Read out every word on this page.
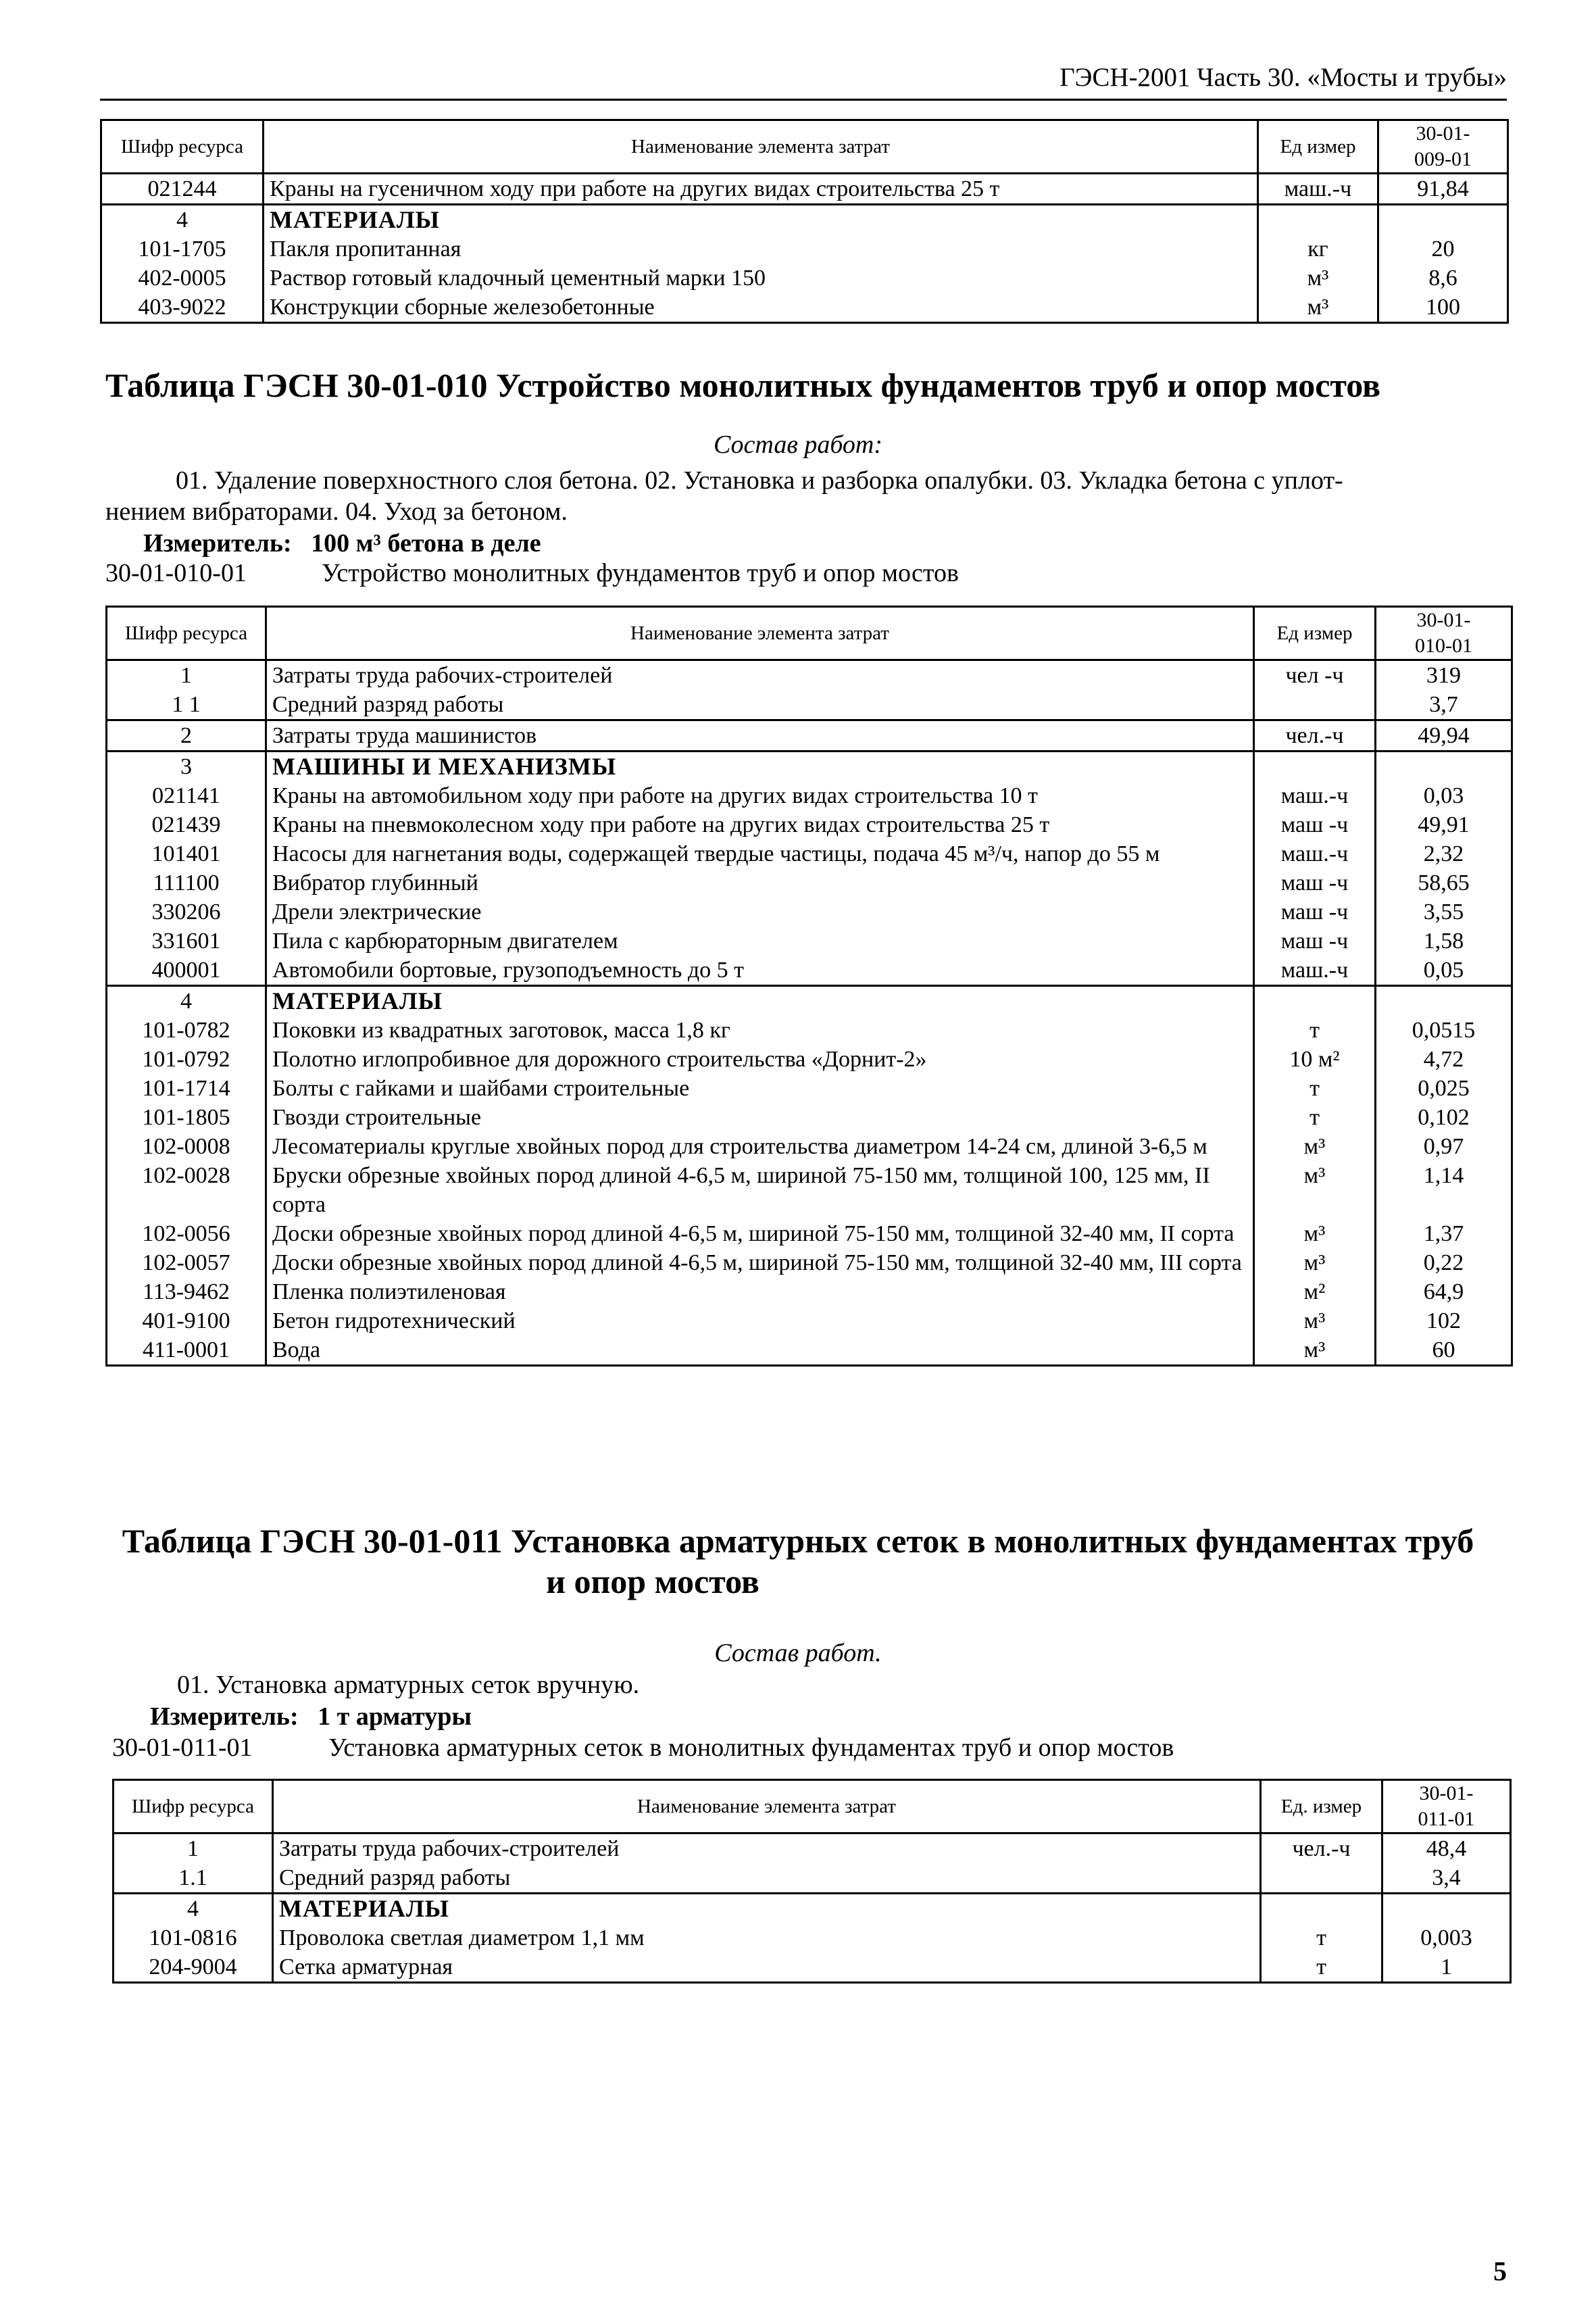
ГЭСН-2001 Часть 30. «Мосты и трубы»
Шифр ресурса	Наименование элемента затрат	Ед измер	30-01-
009-01
021244	Краны на гусеничном ходу при работе на других видах строительства 25 т	маш.-ч	91,84
4	МАТЕРИАЛЫ		
101-1705	Пакля пропитанная	кг	20
402-0005	Раствор готовый кладочный цементный марки 150	м³	8,6
403-9022	Конструкции сборные железобетонные	м³	100
Таблица ГЭСН 30-01-010 Устройство монолитных фундаментов труб и опор мостов
Состав работ:
01. Удаление поверхностного слоя бетона. 02. Установка и разборка опалубки. 03. Укладка бетона с уплот-
нением вибраторами. 04. Уход за бетоном.
Измеритель: 100 м³ бетона в деле
30-01-010-01	Устройство монолитных фундаментов труб и опор мостов
Шифр ресурса	Наименование элемента затрат	Ед измер	30-01-
010-01
1	Затраты труда рабочих-строителей	чел -ч	319
1 1	Средний разряд работы		3,7
2	Затраты труда машинистов	чел.-ч	49,94
3	МАШИНЫ И МЕХАНИЗМЫ		
021141	Краны на автомобильном ходу при работе на других видах строительства 10 т	маш.-ч	0,03
021439	Краны на пневмоколесном ходу при работе на других видах строительства 25 т	маш -ч	49,91
101401	Насосы для нагнетания воды, содержащей твердые частицы, подача 45 м³/ч, напор до 55 м	маш.-ч	2,32
111100	Вибратор глубинный	маш -ч	58,65
330206	Дрели электрические	маш -ч	3,55
331601	Пила с карбюраторным двигателем	маш -ч	1,58
400001	Автомобили бортовые, грузоподъемность до 5 т	маш.-ч	0,05
4	МАТЕРИАЛЫ		
101-0782	Поковки из квадратных заготовок, масса 1,8 кг	т	0,0515
101-0792	Полотно иглопробивное для дорожного строительства «Дорнит-2»	10 м²	4,72
101-1714	Болты с гайками и шайбами строительные	т	0,025
101-1805	Гвозди строительные	т	0,102
102-0008	Лесоматериалы круглые хвойных пород для строительства диаметром 14-24 см, длиной 3-6,5 м	м³	0,97
102-0028	Бруски обрезные хвойных пород длиной 4-6,5 м, шириной 75-150 мм, толщиной 100, 125 мм, II сорта	м³	1,14
102-0056	Доски обрезные хвойных пород длиной 4-6,5 м, шириной 75-150 мм, толщиной 32-40 мм, II сорта	м³	1,37
102-0057	Доски обрезные хвойных пород длиной 4-6,5 м, шириной 75-150 мм, толщиной 32-40 мм, III сорта	м³	0,22
113-9462	Пленка полиэтиленовая	м²	64,9
401-9100	Бетон гидротехнический	м³	102
411-0001	Вода	м³	60
Таблица ГЭСН 30-01-011 Установка арматурных сеток в монолитных фундаментах труб
и опор мостов
Состав работ.
01. Установка арматурных сеток вручную.
Измеритель: 1 т арматуры
30-01-011-01	Установка арматурных сеток в монолитных фундаментах труб и опор мостов
Шифр ресурса	Наименование элемента затрат	Ед. измер	30-01-
011-01
1	Затраты труда рабочих-строителей	чел.-ч	48,4
1.1	Средний разряд работы		3,4
4	МАТЕРИАЛЫ		
101-0816	Проволока светлая диаметром 1,1 мм	т	0,003
204-9004	Сетка арматурная	т	1
5
